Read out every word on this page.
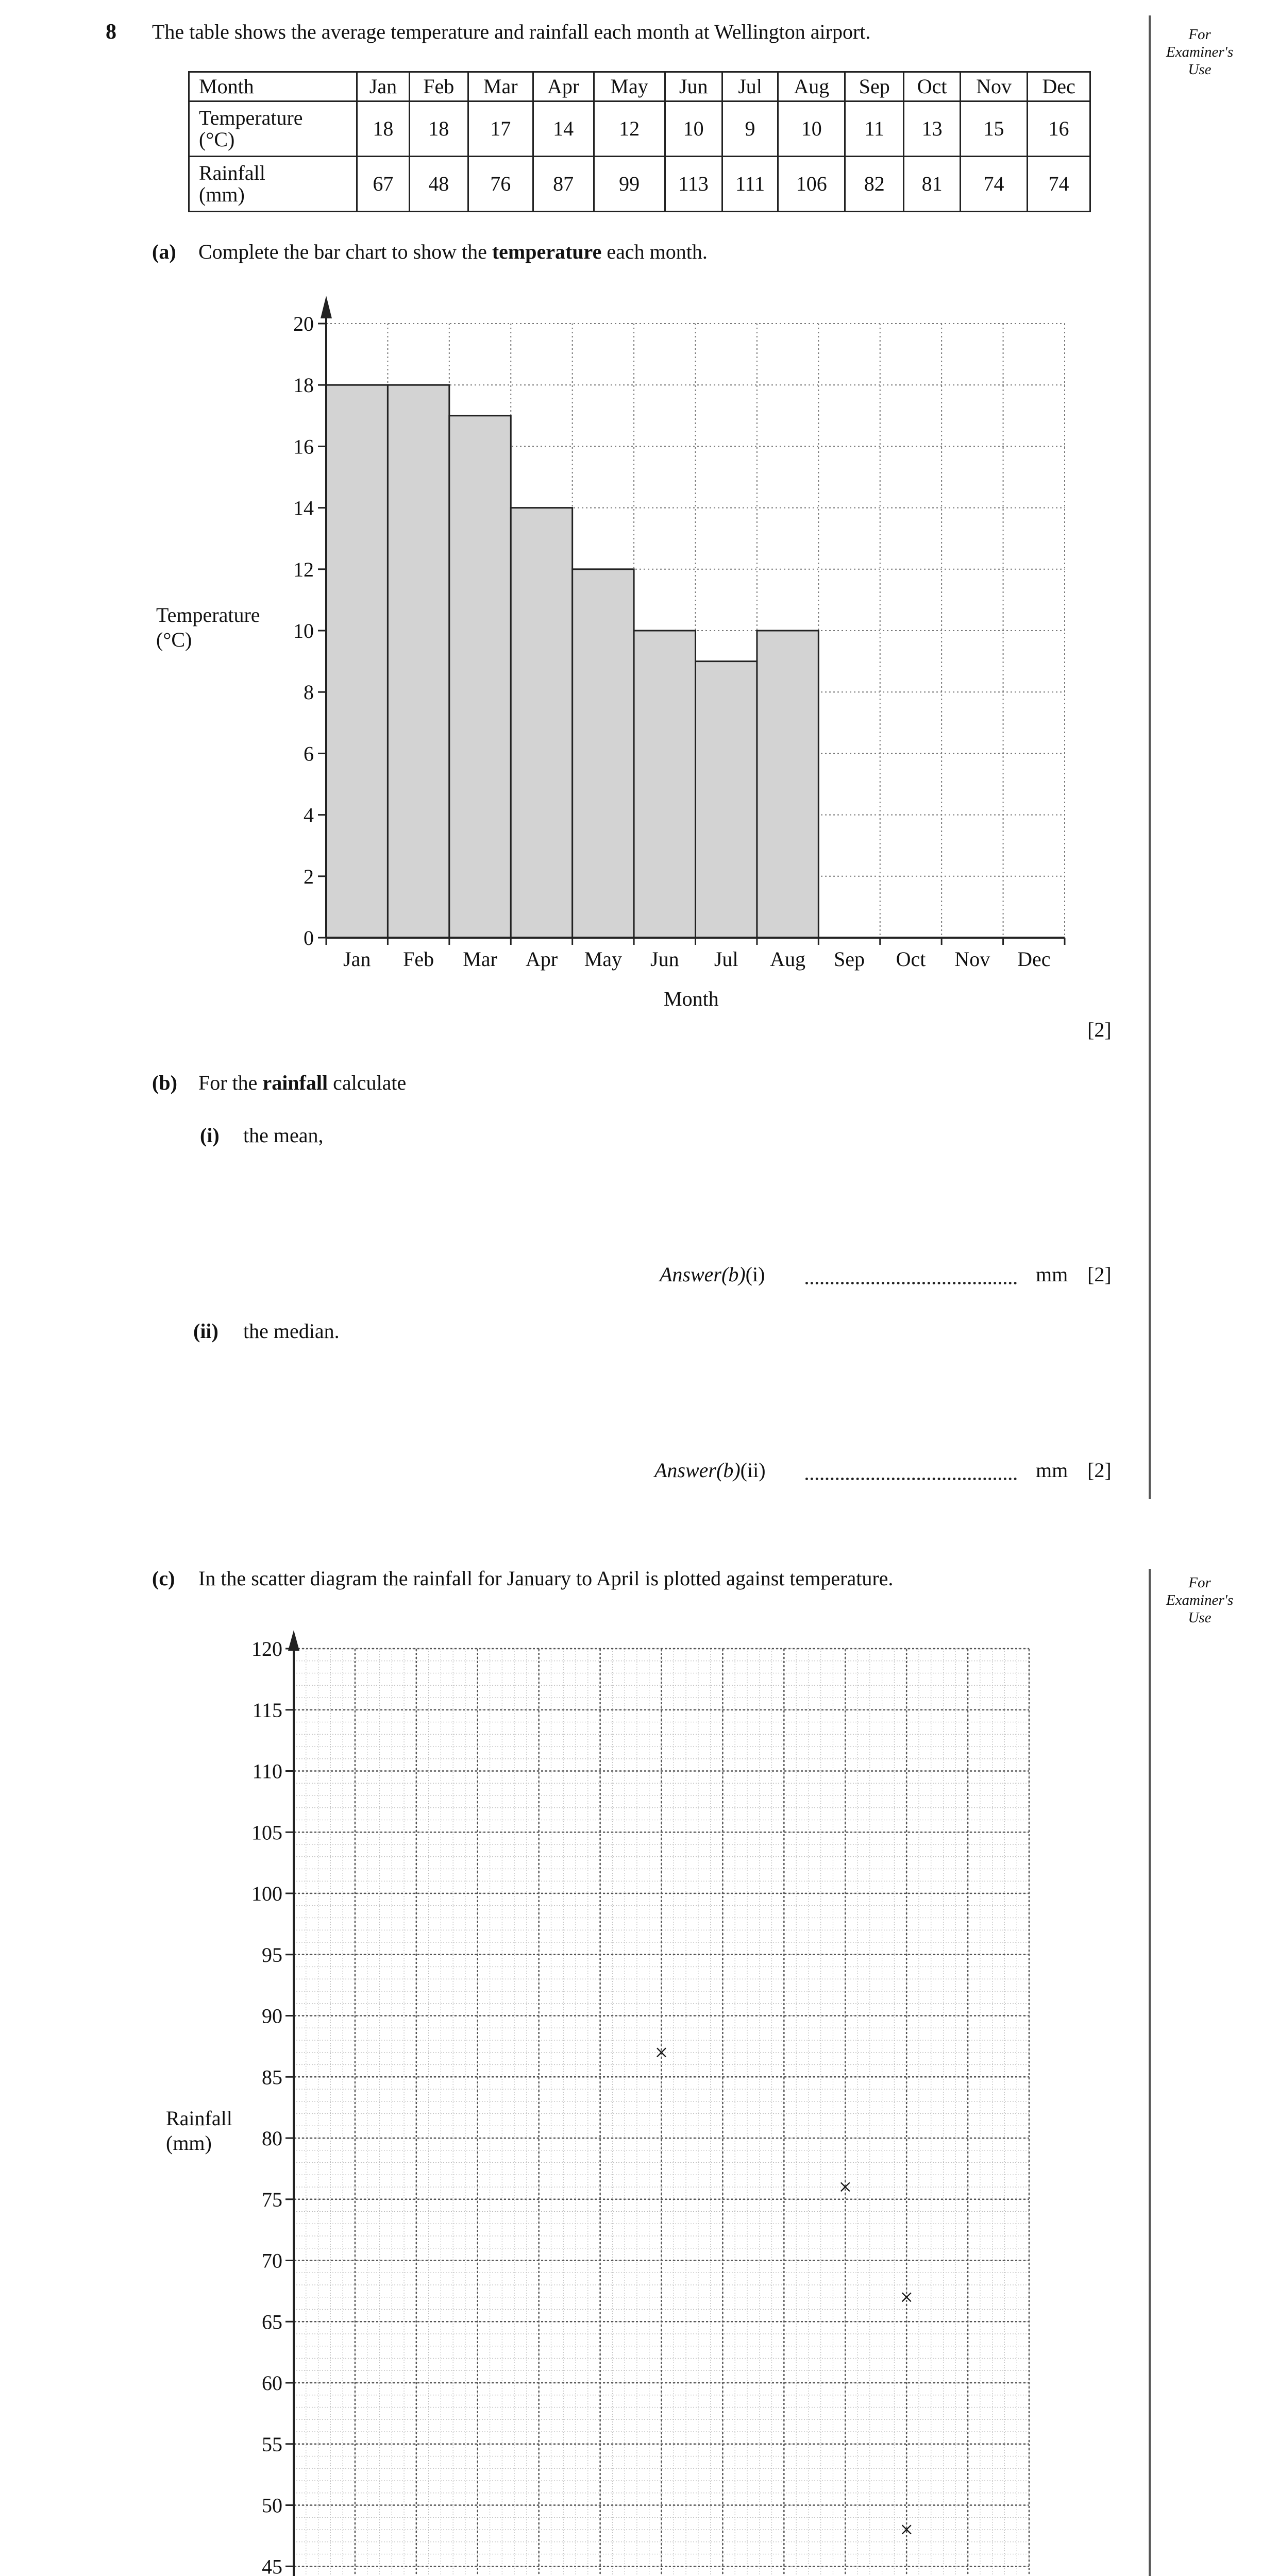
For
Examiner's
Use
For
Examiner's
Use
8 The table shows the average temperature and rainfall each month at Wellington airport.
Month	Jan	Feb	Mar	Apr	May	Jun	Jul	Aug	Sep	Oct	Nov	Dec

Temperature
(°C)	18	18	17	14	12	10	9	10	11	13	15	16

Rainfall
(mm)	67	48	76	87	99	113	111	106	82	81	74	74
(a) Complete the bar chart to show the temperature each month.
0
2
4
6
8
10
12
14
16
18
20
Jan Feb Mar Apr May Jun Jul Aug Sep Oct Nov Dec
Temperature
(°C)
Month
[2]
(b) For the rainfall calculate
(i) the mean,
Answer(b)(i)	mm [2]
(ii) the median.
Answer(b)(ii)	mm [2]
(c) In the scatter diagram the rainfall for January to April is plotted against temperature.
45
50
55
60
65
70
75
80
85
90
95
100
105
110
115
120
×
×
×
×
Rainfall
(mm)
